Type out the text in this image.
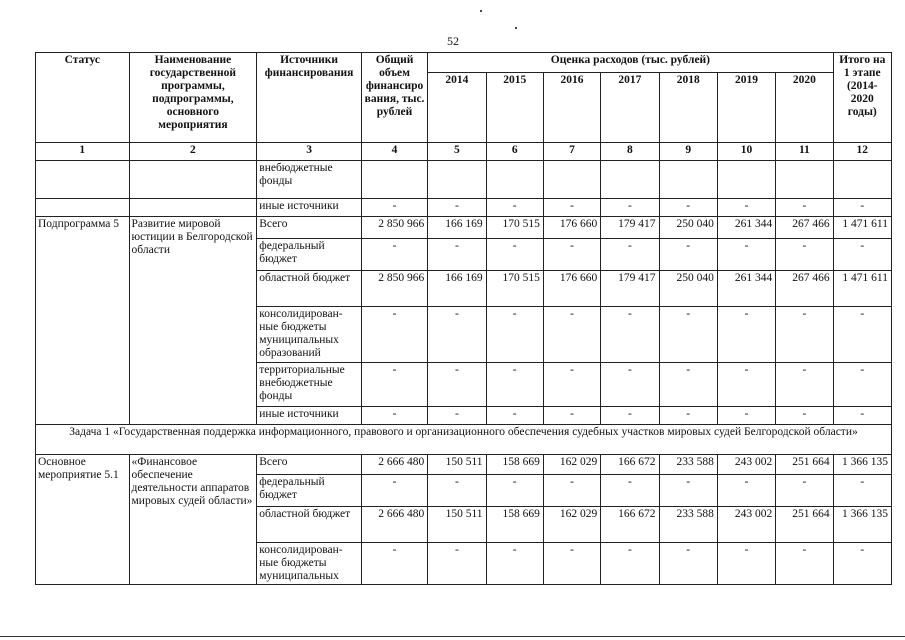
52
Статус	Наименование государственной программы, подпрограммы, основного мероприятия	Источники финансирования	Общий объем финансиро вания, тыс. рублей	Оценка расходов (тыс. рублей)							Итого на 1 этапе (2014-2020 годы)
				2014	2015	2016	2017	2018	2019	2020	
1	2	3	4	5	6	7	8	9	10	11	12
		внебюджетные фонды									
		иные источники	-	-	-	-	-	-	-	-	-
Подпрограмма 5	Развитие мировой юстиции в Белгородской области	Всего	2 850 966	166 169	170 515	176 660	179 417	250 040	261 344	267 466	1 471 611
		федеральный бюджет	-	-	-	-	-	-	-	-	-
		областной бюджет	2 850 966	166 169	170 515	176 660	179 417	250 040	261 344	267 466	1 471 611
		консолидирован-ные бюджеты муниципальных образований	-	-	-	-	-	-	-	-	-
		территориальные внебюджетные фонды	-	-	-	-	-	-	-	-	-
		иные источники	-	-	-	-	-	-	-	-	-
Задача 1 «Государственная поддержка информационного, правового и организационного обеспечения судебных участков мировых судей Белгородской области»											
Основное мероприятие 5.1	«Финансовое обеспечение деятельности аппаратов мировых судей области»	Всего	2 666 480	150 511	158 669	162 029	166 672	233 588	243 002	251 664	1 366 135
		федеральный бюджет	-	-	-	-	-	-	-	-	-
		областной бюджет	2 666 480	150 511	158 669	162 029	166 672	233 588	243 002	251 664	1 366 135
		консолидирован-ные бюджеты муниципальных	-	-	-	-	-	-	-	-	-
